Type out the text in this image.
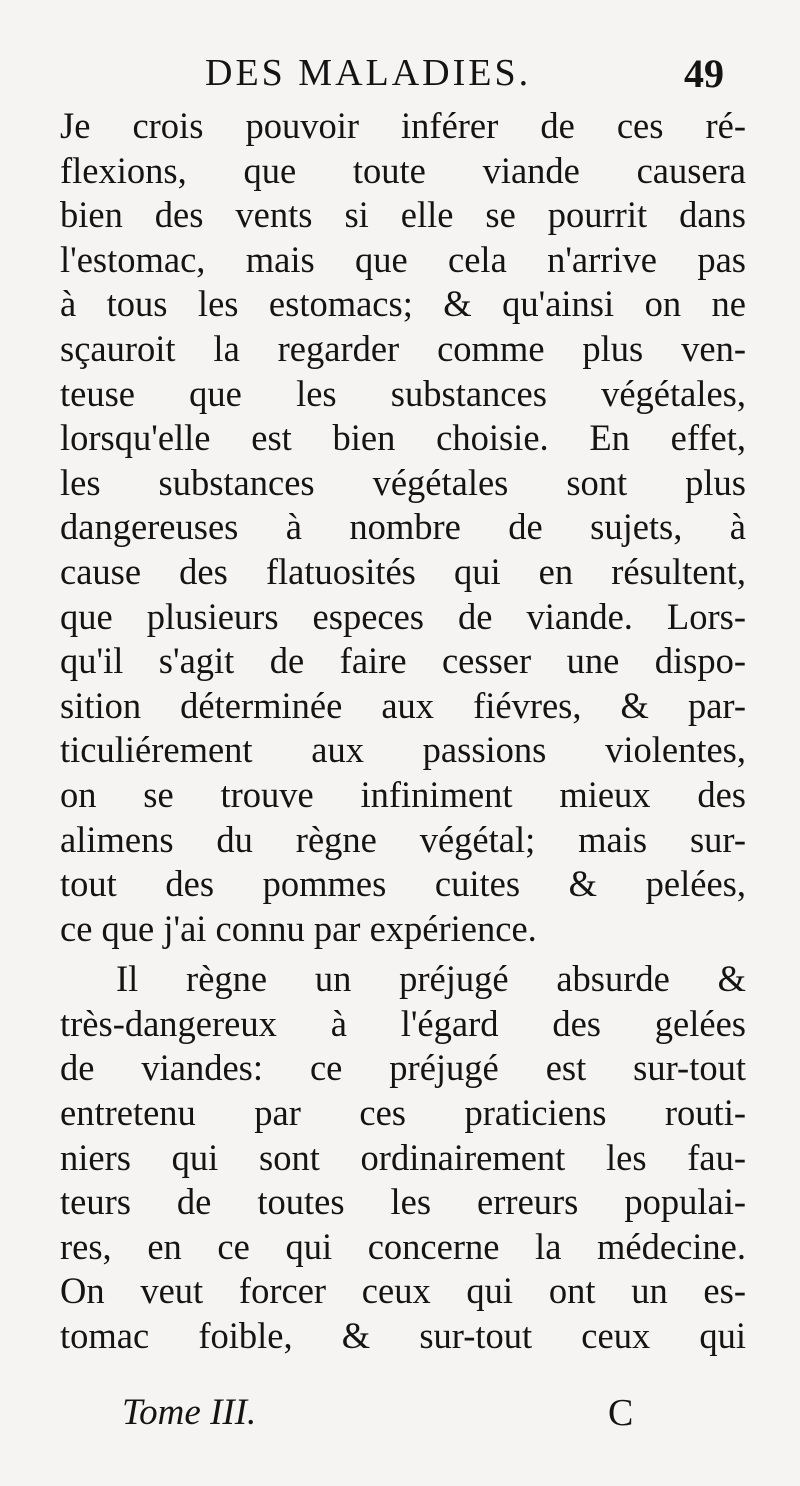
DES MALADIES.	49
Je crois pouvoir inférer de ces ré-
flexions, que toute viande causera
bien des vents si elle se pourrit dans
l'estomac, mais que cela n'arrive pas
à tous les estomacs; & qu'ainsi on ne
sçauroit la regarder comme plus ven-
teuse que les substances végétales,
lorsqu'elle est bien choisie. En effet,
les substances végétales sont plus
dangereuses à nombre de sujets, à
cause des flatuosités qui en résultent,
que plusieurs especes de viande. Lors-
qu'il s'agit de faire cesser une dispo-
sition déterminée aux fiévres, & par-
ticuliérement aux passions violentes,
on se trouve infiniment mieux des
alimens du règne végétal; mais sur-
tout des pommes cuites & pelées,
ce que j'ai connu par expérience.
Il règne un préjugé absurde &
très-dangereux à l'égard des gelées
de viandes: ce préjugé est sur-tout
entretenu par ces praticiens routi-
niers qui sont ordinairement les fau-
teurs de toutes les erreurs populai-
res, en ce qui concerne la médecine.
On veut forcer ceux qui ont un es-
tomac foible, & sur-tout ceux qui
Tome III.	C
